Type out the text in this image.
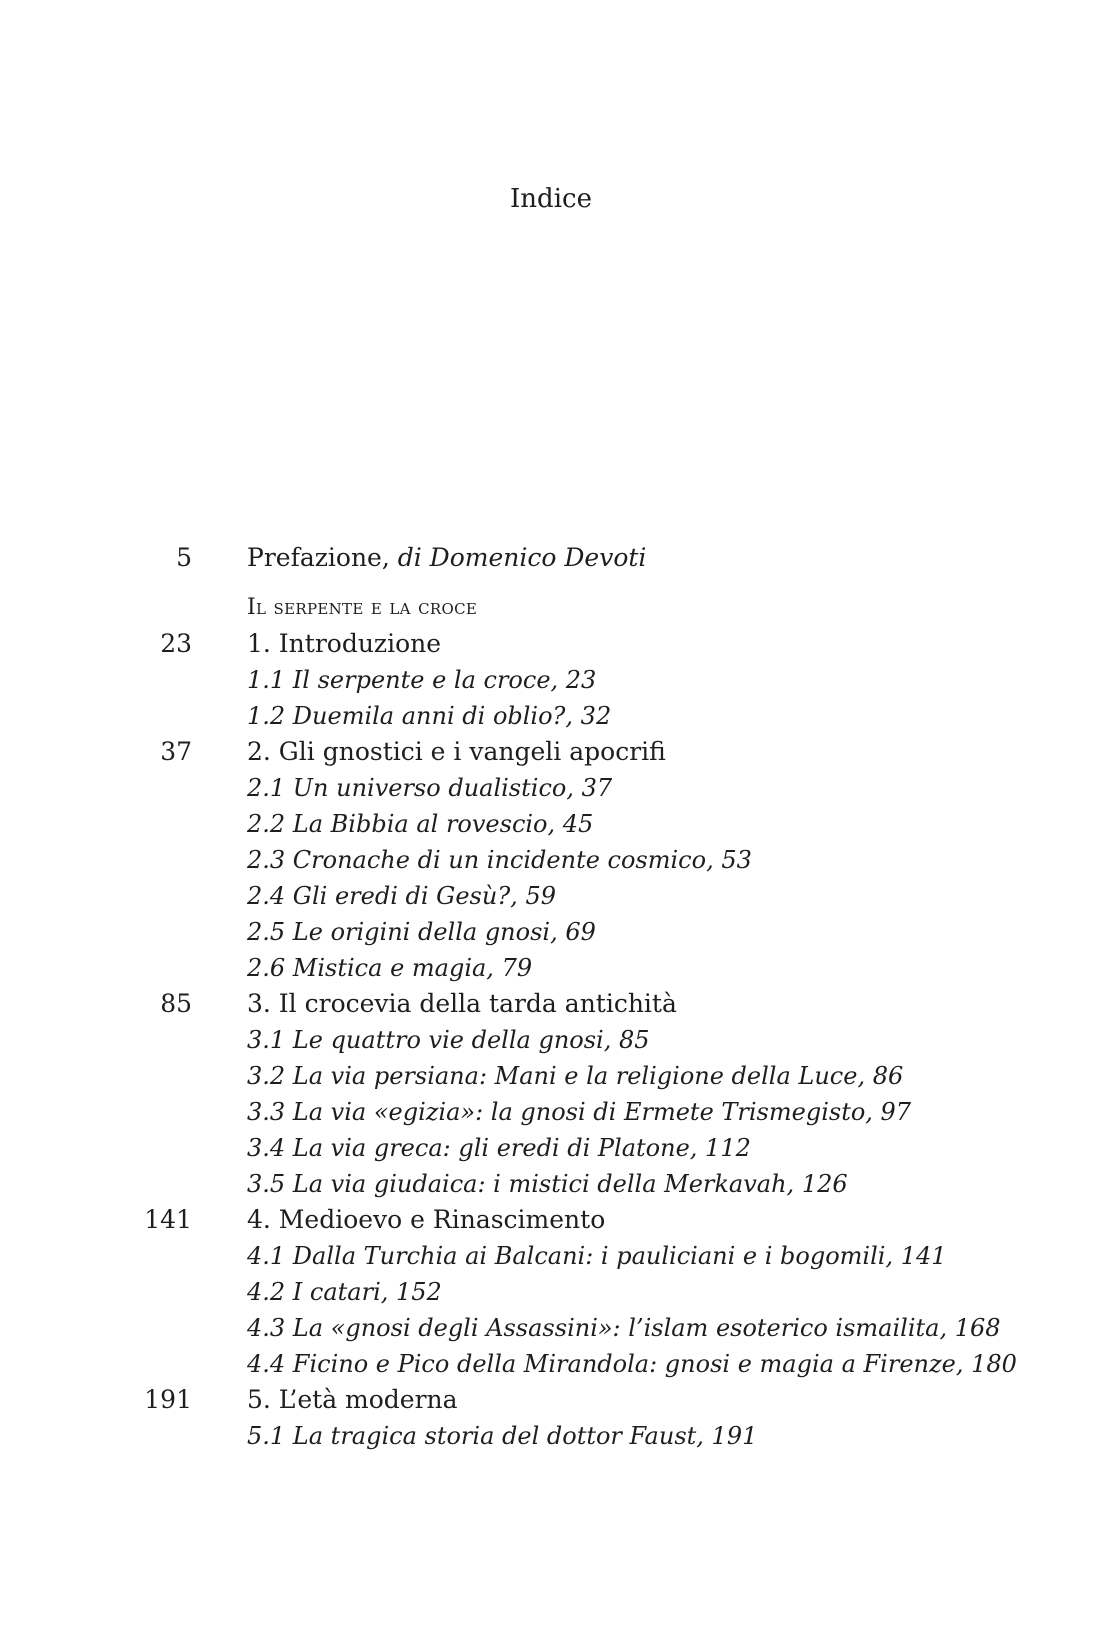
Indice
5 Prefazione, di Domenico Devoti
Il serpente e la croce
23 1. Introduzione
1.1 Il serpente e la croce, 23
1.2 Duemila anni di oblio?, 32
37 2. Gli gnostici e i vangeli apocrifi
2.1 Un universo dualistico, 37
2.2 La Bibbia al rovescio, 45
2.3 Cronache di un incidente cosmico, 53
2.4 Gli eredi di Gesù?, 59
2.5 Le origini della gnosi, 69
2.6 Mistica e magia, 79
85 3. Il crocevia della tarda antichità
3.1 Le quattro vie della gnosi, 85
3.2 La via persiana: Mani e la religione della Luce, 86
3.3 La via «egizia»: la gnosi di Ermete Trismegisto, 97
3.4 La via greca: gli eredi di Platone, 112
3.5 La via giudaica: i mistici della Merkavah, 126
141 4. Medioevo e Rinascimento
4.1 Dalla Turchia ai Balcani: i pauliciani e i bogomili, 141
4.2 I catari, 152
4.3 La «gnosi degli Assassini»: l’islam esoterico ismailita, 168
4.4 Ficino e Pico della Mirandola: gnosi e magia a Firenze, 180
191 5. L’età moderna
5.1 La tragica storia del dottor Faust, 191
